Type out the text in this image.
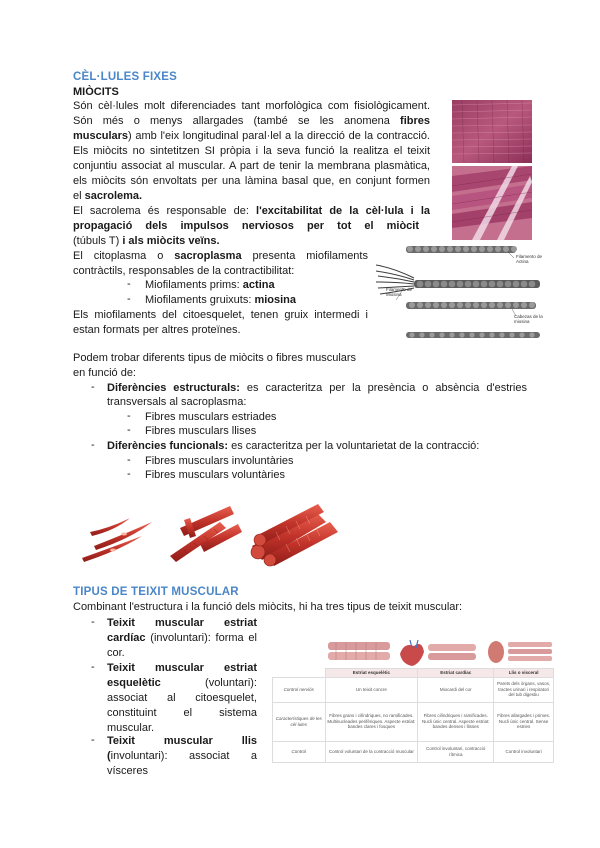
CÈL·LULES FIXES
MIÒCITS
Són cèl·lules molt diferenciades tant morfològica com fisiològicament.
Són més o menys allargades (també se les anomena fibres
musculars) amb l'eix longitudinal paral·lel a la direcció de la contracció.
Els miòcits no sintetitzen SI pròpia i la seva funció la realitza el teixit
conjuntiu associat al muscular. A part de tenir la membrana plasmàtica,
els miòcits són envoltats per una làmina basal que, en conjunt formen
el sacrolema.
El sacrolema és responsable de: l'excitabilitat de la cèl·lula i la
propagació dels impulsos nerviosos per tot el miòcit
(túbuls T) i als miòcits veïns.
El citoplasma o sacroplasma presenta miofilaments
contràctils, responsables de la contractibilitat:
- Miofilaments prims: actina
- Miofilaments gruixuts: miosina
Els miofilaments del citoesquelet, tenen gruix intermedi i
estan formats per altres proteïnes.
Podem trobar diferents tipus de miòcits o fibres musculars
en funció de:
- Diferències estructurals: es caracteritza per la presència o absència d'estries
transversals al sacroplasma:
- Fibres musculars estriades
- Fibres musculars llises
- Diferències funcionals: es caracteritza per la voluntarietat de la contracció:
- Fibres musculars involuntàries
- Fibres musculars voluntàries
Filamento de
Actina
Filamento de
Miosina
Cabezas de la
miosina
TIPUS DE TEIXIT MUSCULAR
Combinant l'estructura i la funció dels miòcits, hi ha tres tipus de teixit muscular:
- Teixit muscular estriat
cardíac (involuntari): forma el
cor.
- Teixit muscular estriat
esquelètic (voluntari):
associat al citoesquelet,
constituint el sistema
muscular.
- Teixit muscular llis
(involuntari): associat a
vísceres
	Estriat esquelètic	Estriat cardíac	Llis o visceral
Control nerviós	Un teixit concre	Miocardi del cor	Parets dels òrgans, vasos, tractes urinari i respiratori del tub digestiu
Característiques de les cèl·lules	Fibres grans i cilíndriques, no ramificades. Multinucleades perifèriques. Aspecte estriat: bandes clares i fosques	Fibres cilíndriques i ramificades. Nucli únic central. Aspecte estriat: bandes denses i llisses	Fibres allargades i primes. Nucli únic central. Sense estries
Control	Control voluntari de la contracció muscular	Control involuntari, contracció rítmica	Control involuntari
